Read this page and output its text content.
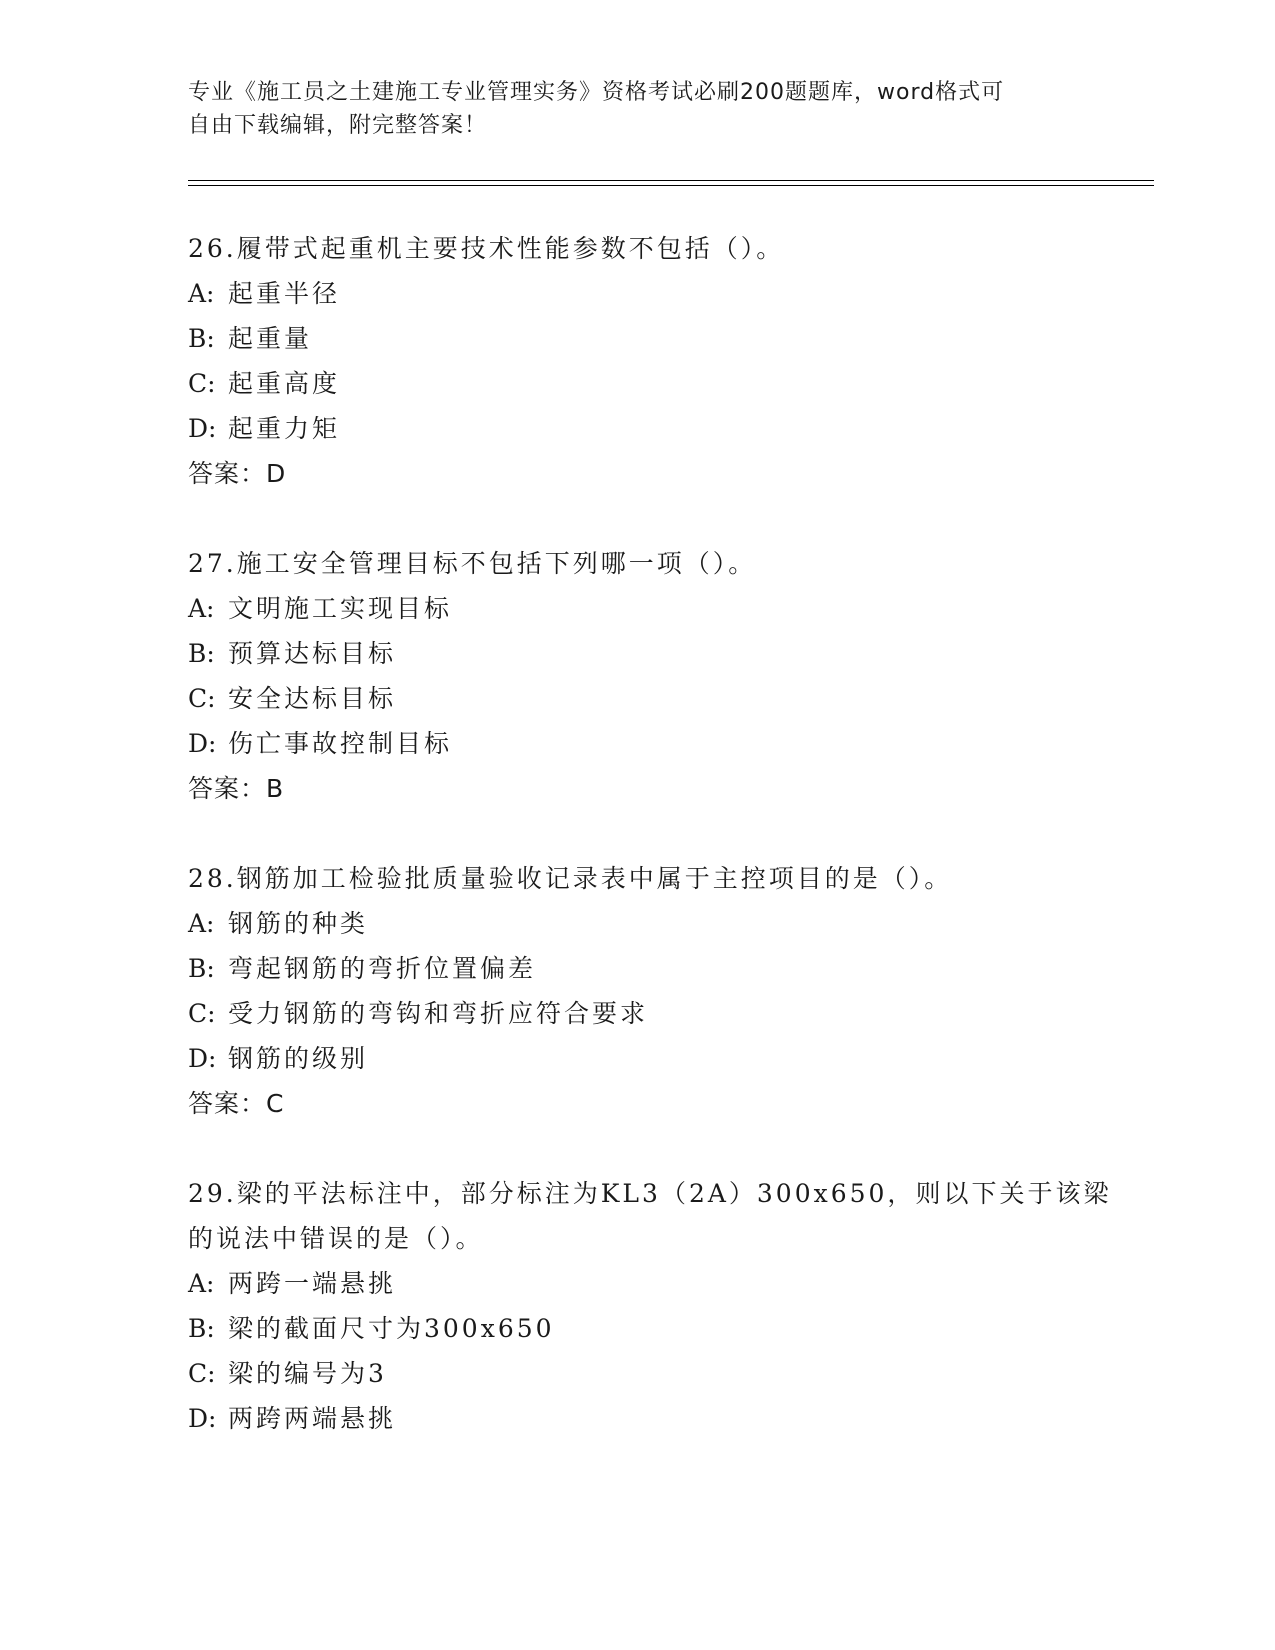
专业《施工员之土建施工专业管理实务》资格考试必刷200题题库，word格式可
自由下载编辑，附完整答案！
26.履带式起重机主要技术性能参数不包括（）。
A: 起重半径
B: 起重量
C: 起重高度
D: 起重力矩
答案：D
27.施工安全管理目标不包括下列哪一项（）。
A: 文明施工实现目标
B: 预算达标目标
C: 安全达标目标
D: 伤亡事故控制目标
答案：B
28.钢筋加工检验批质量验收记录表中属于主控项目的是（）。
A: 钢筋的种类
B: 弯起钢筋的弯折位置偏差
C: 受力钢筋的弯钩和弯折应符合要求
D: 钢筋的级别
答案：C
29.梁的平法标注中，部分标注为KL3（2A）300x650，则以下关于该梁
的说法中错误的是（）。
A: 两跨一端悬挑
B: 梁的截面尺寸为300x650
C: 梁的编号为3
D: 两跨两端悬挑
